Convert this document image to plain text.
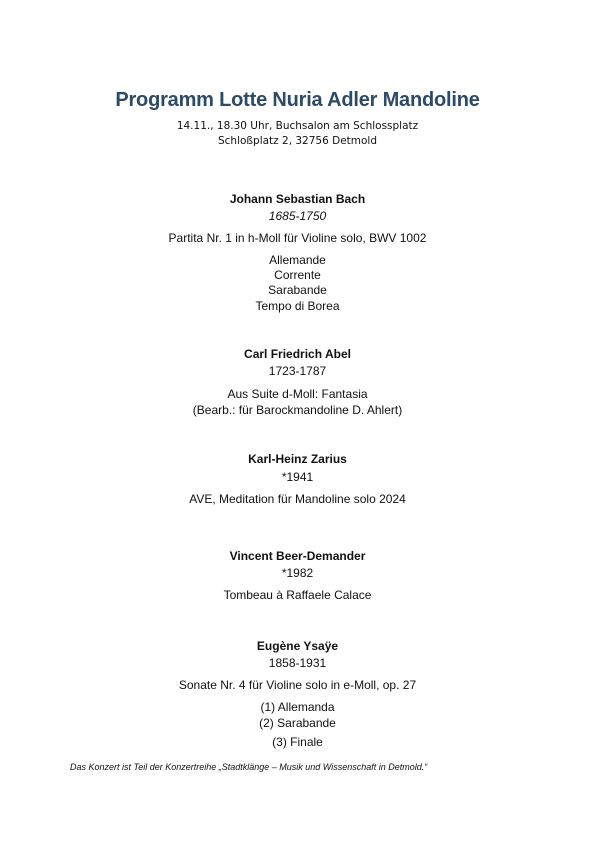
Programm Lotte Nuria Adler Mandoline
14.11., 18.30 Uhr, Buchsalon am Schlossplatz
Schloßplatz 2, 32756 Detmold
Johann Sebastian Bach
1685-1750
Partita Nr. 1 in h-Moll für Violine solo, BWV 1002
Allemande
Corrente
Sarabande
Tempo di Borea
Carl Friedrich Abel
1723-1787
Aus Suite d-Moll: Fantasia
(Bearb.: für Barockmandoline D. Ahlert)
Karl-Heinz Zarius
*1941
AVE, Meditation für Mandoline solo 2024
Vincent Beer-Demander
*1982
Tombeau à Raffaele Calace
Eugène Ysaÿe
1858-1931
Sonate Nr. 4 für Violine solo in e-Moll, op. 27
(1) Allemanda
(2) Sarabande
(3) Finale
Das Konzert ist Teil der Konzertreihe „Stadtklänge – Musik und Wissenschaft in Detmold.“
